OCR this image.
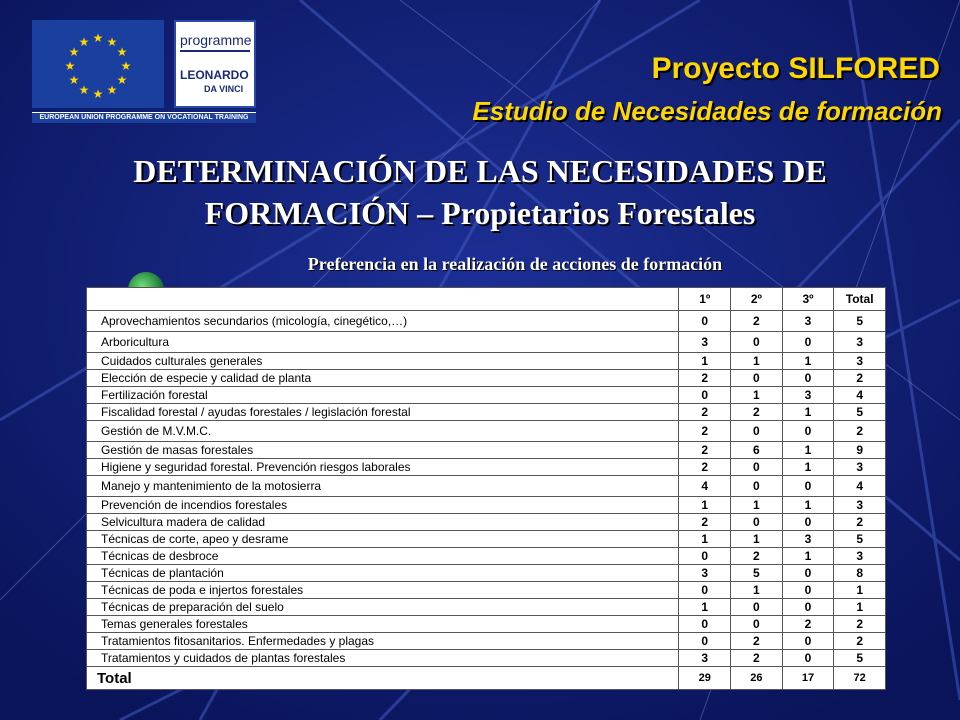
★ ★
★
★
★
★
★
★
★
★
★
★	programme
LEONARDO
DA VINCI
EUROPEAN UNION PROGRAMME ON VOCATIONAL TRAINING
Proyecto SILFORED
Estudio de Necesidades de formación
DETERMINACIÓN DE LAS NECESIDADES DE
FORMACIÓN – Propietarios Forestales
Preferencia en la realización de acciones de formación
	1º	2º	3º	Total
Aprovechamientos secundarios (micología, cinegético,…)	0	2	3	5
Arboricultura	3	0	0	3
Cuidados culturales generales	1	1	1	3
Elección de especie y calidad de planta	2	0	0	2
Fertilización forestal	0	1	3	4
Fiscalidad forestal / ayudas forestales / legislación forestal	2	2	1	5
Gestión de M.V.M.C.	2	0	0	2
Gestión de masas forestales	2	6	1	9
Higiene y seguridad forestal. Prevención riesgos laborales	2	0	1	3
Manejo y mantenimiento de la motosierra	4	0	0	4
Prevención de incendios forestales	1	1	1	3
Selvicultura madera de calidad	2	0	0	2
Técnicas de corte, apeo y desrame	1	1	3	5
Técnicas de desbroce	0	2	1	3
Técnicas de plantación	3	5	0	8
Técnicas de poda e injertos forestales	0	1	0	1
Técnicas de preparación del suelo	1	0	0	1
Temas generales forestales	0	0	2	2
Tratamientos fitosanitarios. Enfermedades y plagas	0	2	0	2
Tratamientos y cuidados de plantas forestales	3	2	0	5
Total	29	26	17	72
